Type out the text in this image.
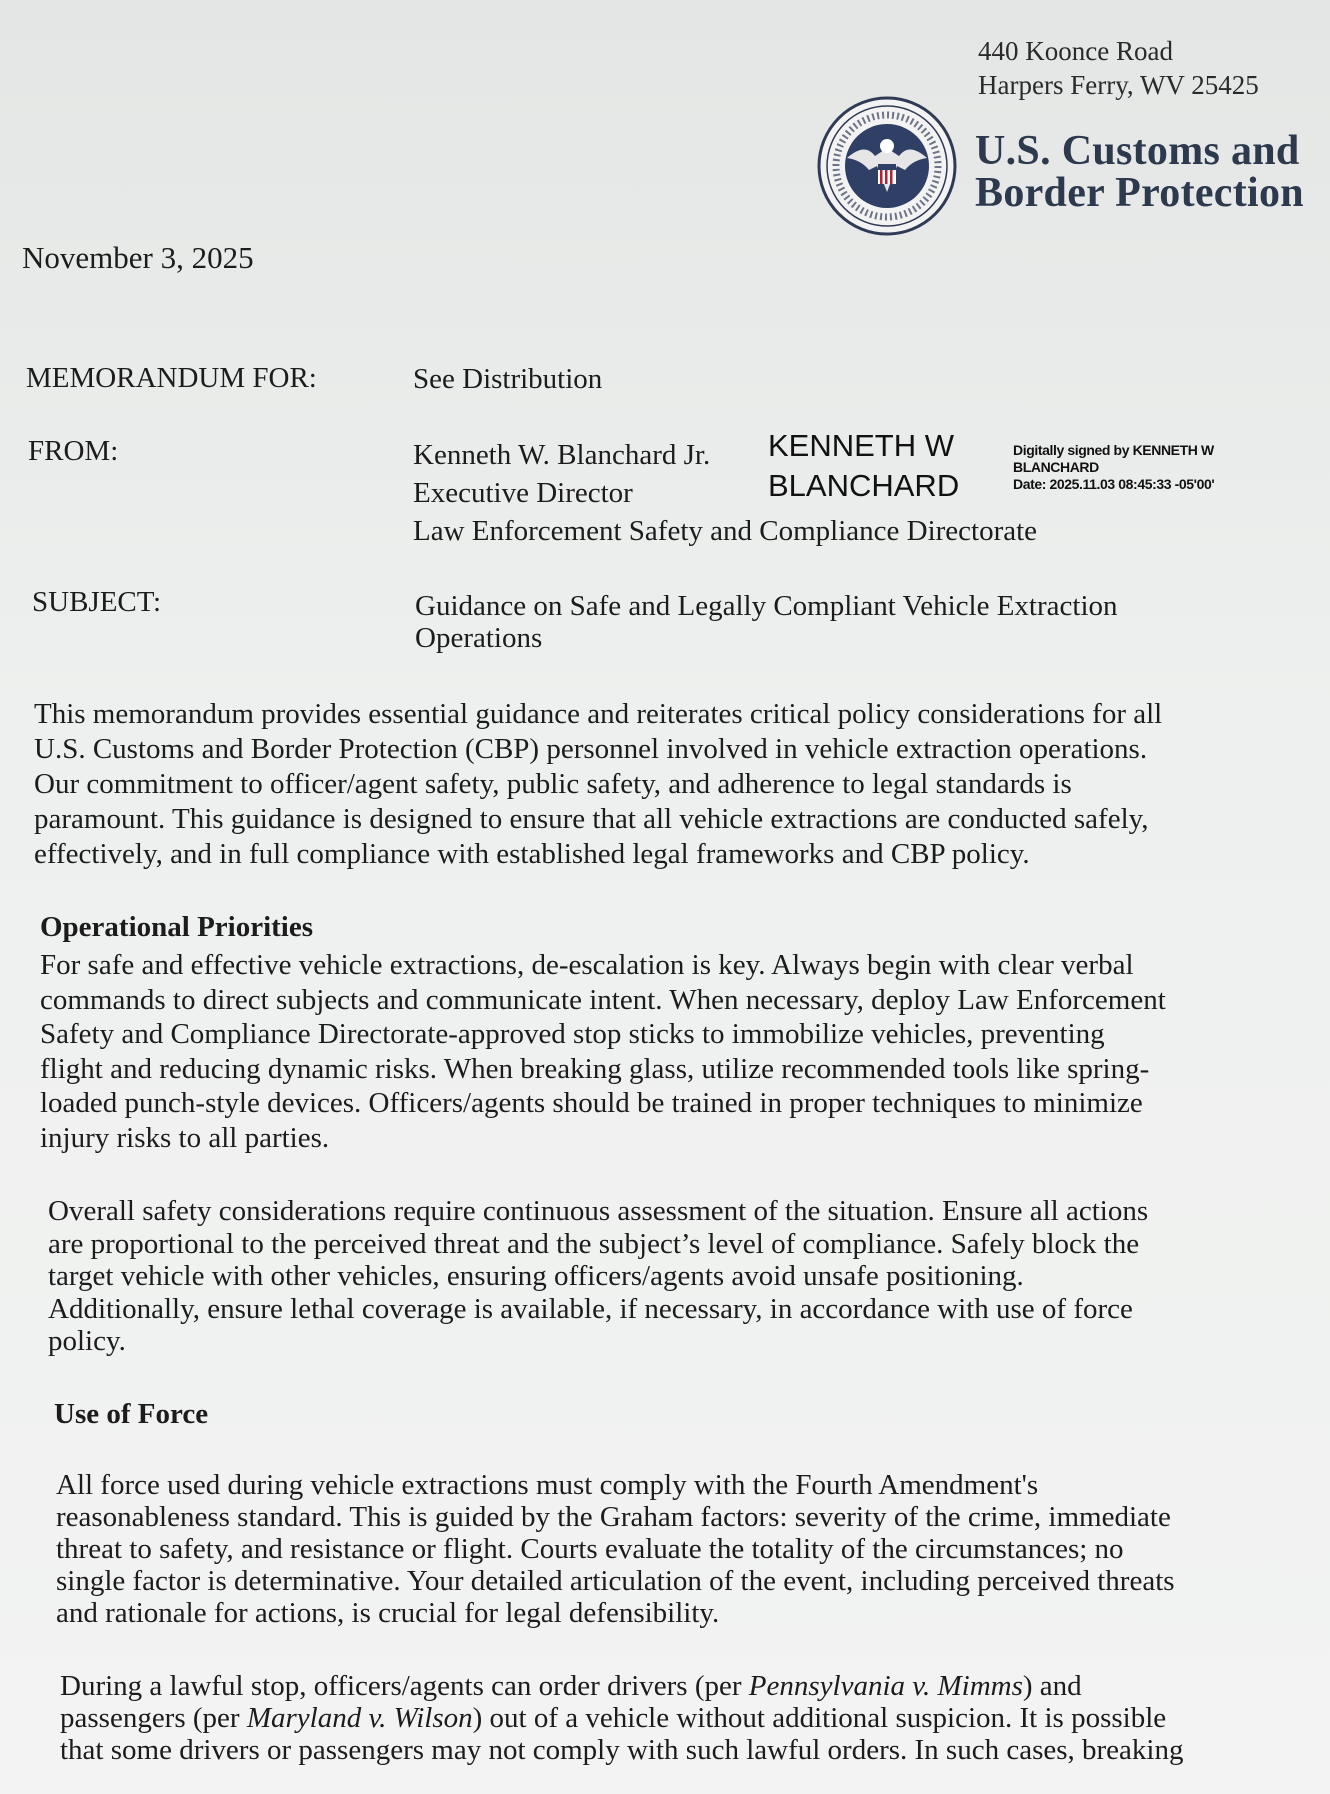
440 Koonce Road
Harpers Ferry, WV 25425
U.S. Customs and
Border Protection
November 3, 2025
MEMORANDUM FOR:	See Distribution
FROM:	Kenneth W. Blanchard Jr.
Executive Director
Law Enforcement Safety and Compliance Directorate
KENNETH W
BLANCHARD
Digitally signed by KENNETH W
BLANCHARD
Date: 2025.11.03 08:45:33 -05'00'
SUBJECT:	Guidance on Safe and Legally Compliant Vehicle Extraction
Operations

This memorandum provides essential guidance and reiterates critical policy considerations for all

U.S. Customs and Border Protection (CBP) personnel involved in vehicle extraction operations.

Our commitment to officer/agent safety, public safety, and adherence to legal standards is

paramount. This guidance is designed to ensure that all vehicle extractions are conducted safely,

effectively, and in full compliance with established legal frameworks and CBP policy.

Operational Priorities

For safe and effective vehicle extractions, de-escalation is key. Always begin with clear verbal

commands to direct subjects and communicate intent. When necessary, deploy Law Enforcement

Safety and Compliance Directorate-approved stop sticks to immobilize vehicles, preventing

flight and reducing dynamic risks. When breaking glass, utilize recommended tools like spring-

loaded punch-style devices. Officers/agents should be trained in proper techniques to minimize

injury risks to all parties.

Overall safety considerations require continuous assessment of the situation. Ensure all actions

are proportional to the perceived threat and the subject’s level of compliance. Safely block the

target vehicle with other vehicles, ensuring officers/agents avoid unsafe positioning.

Additionally, ensure lethal coverage is available, if necessary, in accordance with use of force

policy.

Use of Force

All force used during vehicle extractions must comply with the Fourth Amendment's

reasonableness standard. This is guided by the Graham factors: severity of the crime, immediate

threat to safety, and resistance or flight. Courts evaluate the totality of the circumstances; no

single factor is determinative. Your detailed articulation of the event, including perceived threats

and rationale for actions, is crucial for legal defensibility.

During a lawful stop, officers/agents can order drivers (per Pennsylvania v. Mimms) and

passengers (per Maryland v. Wilson) out of a vehicle without additional suspicion. It is possible

that some drivers or passengers may not comply with such lawful orders. In such cases, breaking
